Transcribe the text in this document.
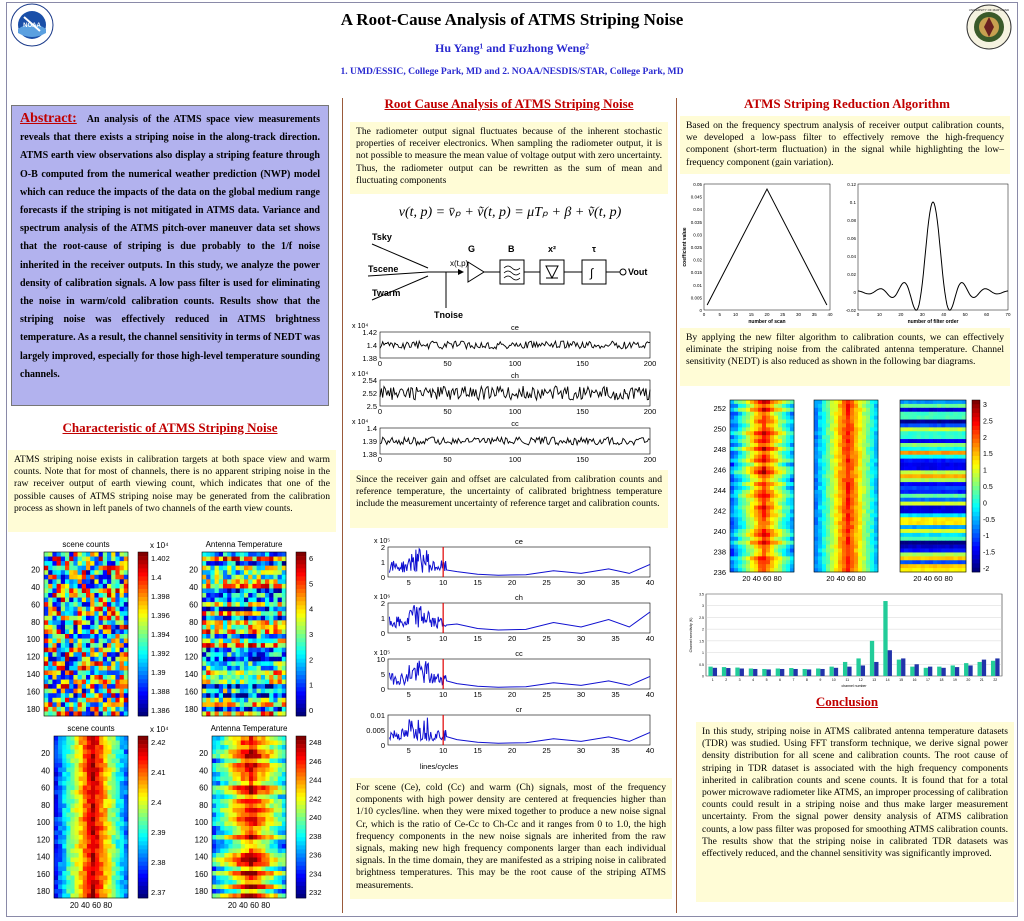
NOAA
UNIVERSITY OF MARYLAND
A Root-Cause Analysis of ATMS Striping Noise
Hu Yang¹ and Fuzhong Weng²
1. UMD/ESSIC, College Park, MD and 2. NOAA/NESDIS/STAR, College Park, MD
Abstract: An analysis of the ATMS space view measurements reveals that there exists a striping noise in the along-track direction. ATMS earth view observations also display a striping feature through O-B computed from the numerical weather prediction (NWP) model which can reduce the impacts of the data on the global medium range forecasts if the striping is not mitigated in ATMS data. Variance and spectrum analysis of the ATMS pitch-over maneuver data set shows that the root-cause of striping is due probably to the 1/f noise inherited in the receiver outputs. In this study, we analyze the power density of calibration signals. A low pass filter is used for eliminating the noise in warm/cold calibration counts. Results show that the striping noise was effectively reduced in ATMS brightness temperature. As a result, the channel sensitivity in terms of NEDT was largely improved, especially for those high-level temperature sounding channels.
Characteristic of ATMS Striping Noise
ATMS striping noise exists in calibration targets at both space view and warm counts. Note that for most of channels, there is no apparent striping noise in the raw receiver output of earth viewing count, which indicates that one of the possible causes of ATMS striping noise may be generated from the calibration process as shown in left panels of two channels of the earth view counts.
scene counts	x 10⁴
20
40
60
80
100
120
140
160
180
1.402
1.4
1.398
1.396
1.394
1.392
1.39
1.388
1.386
Antenna Temperature
20
40
60
80
100
120
140
160
180
6
5
4
3
2
1
0
scene counts	x 10⁴
20
40
60
80
100
120
140
160
180
20 40 60 80
2.42
2.41
2.4
2.39
2.38
2.37
Antenna Temperature
20
40
60
80
100
120
140
160
180
20 40 60 80
248
246
244
242
240
238
236
234
232
Root Cause Analysis of ATMS Striping Noise
The radiometer output signal fluctuates because of the inherent stochastic properties of receiver electronics. When sampling the radiometer output, it is not possible to measure the mean value of voltage output with zero uncertainty. Thus, the radiometer output can be rewritten as the sum of mean and fluctuating components
v(t, p) = v̄ₚ + ṽ(t, p) = μTₚ + β + ṽ(t, p)
Tsky
Tscene
Twarm
Tnoise
x(t,p)
G	B	x²
∫
τ
Vout
x 10⁴	ce
1.42
1.4
1.38
0	50	100	150	200
x 10⁴	ch
2.54
2.52
2.5
0	50	100	150	200
x 10⁴	cc
1.4
1.39
1.38
0	50	100	150	200
Since the receiver gain and offset are calculated from calibration counts and reference temperature, the uncertainty of calibrated brightness temperature include the measurement uncertainty of reference target and calibration counts.
x 10⁵	ce
2
1
0
5	10	15	20	25	30	35	40
x 10⁶	ch
2
1
0
5	10	15	20	25	30	35	40
x 10⁵	cc
10
5
0
5	10	15	20	25	30	35	40
cr
0.01
0.005
0
5	10	15	20	25	30	35	40
lines/cycles
For scene (Ce), cold (Cc) and warm (Ch) signals, most of the frequency components with high power density are centered at frequencies higher than 1/10 cycles/line. when they were mixed together to produce a new noise signal Cr, which is the ratio of Ce-Cc to Ch-Cc and it ranges from 0 to 1.0, the high frequency components in the new noise signals are inherited from the raw signals, making new high frequency components larger than each individual signals. In the time domain, they are manifested as a striping noise in calibrated brightness temperatures. This may be the root cause of the striping ATMS measurements.
ATMS Striping Reduction Algorithm
Based on the frequency spectrum analysis of receiver output calibration counts, we developed a low-pass filter to effectively remove the high-frequency component (short-term fluctuation) in the signal while highlighting the low–frequency component (gain variation).
0.05
0.045
0.04
0.035
0.03
0.025
0.02
0.015
0.01
0.005
0
0	5	10 15 20 25 30 35 40
number of scan
coefficient value
0.12
0.1
0.08
0.06
0.04
0.02
0
-0.02
0	10	20	30	40	50	60	70
number of filter order
By applying the new filter algorithm to calibration counts, we can effectively eliminate the striping noise from the calibrated antenna temperature. Channel sensitivity (NEDT) is also reduced as shown in the following bar diagrams.
20 40 60 80	20 40 60 80	20 40 60 80
252
250
248
246
244
242
240
238
236
3
2.5
2
1.5
1
0.5
0
-0.5
-1
-1.5
-2
3.5
3
2.5
2
1.5
1
0.5
0
Channel sensitivity (K)
1	2	3	4	5	6	7	8	9	10	11	12	13	14	15	16	17	18	19	20	21	22
channel number
Conclusion
In this study, striping noise in ATMS calibrated antenna temperature datasets (TDR) was studied. Using FFT transform technique, we derive signal power density distribution for all scene and calibration counts. The root cause of striping in TDR dataset is associated with the high frequency components inherited in calibration counts and scene counts. It is found that for a total power microwave radiometer like ATMS, an improper processing of calibration counts could result in a striping noise and thus make larger measurement uncertainty. From the signal power density analysis of ATMS calibration counts, a low pass filter was proposed for smoothing ATMS calibration counts. The results show that the striping noise in calibrated TDR datasets was effectively reduced, and the channel sensitivity was significantly improved.
